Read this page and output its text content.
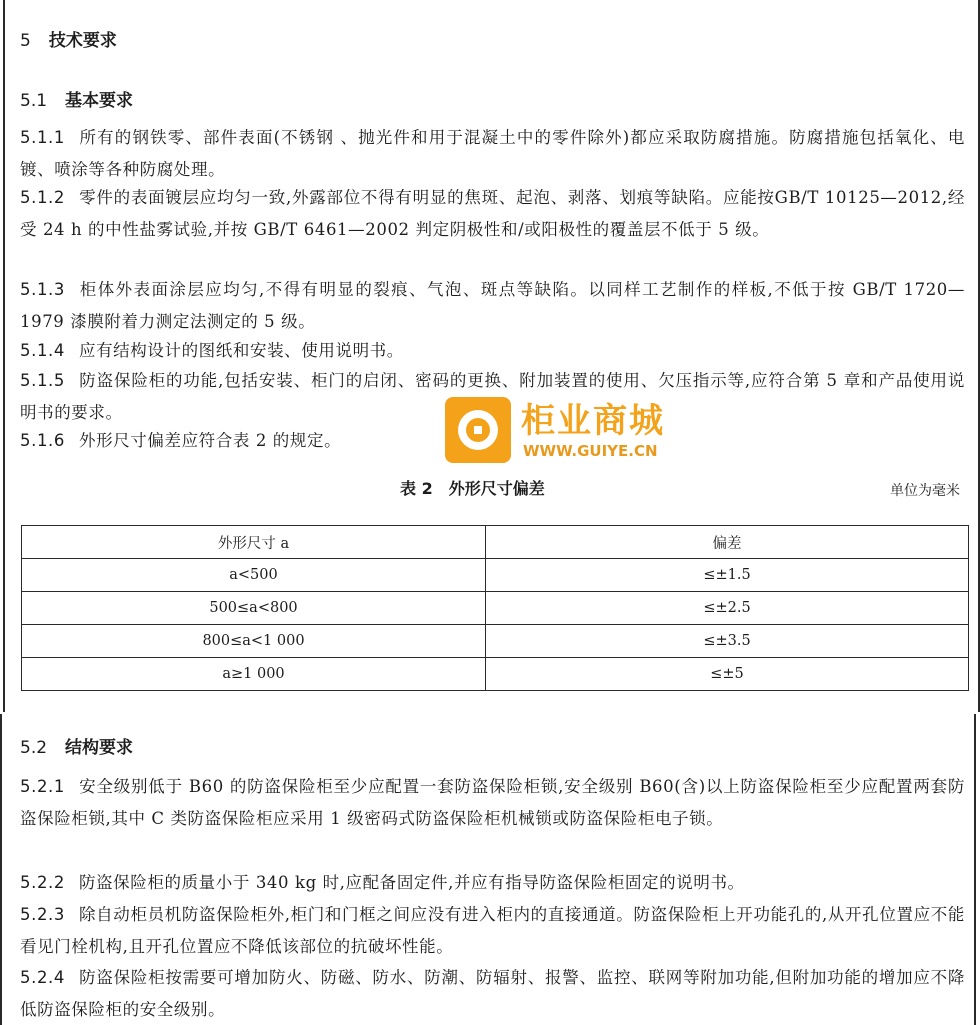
5 技术要求
5.1 基本要求
5.1.1 所有的钢铁零、部件表面(不锈钢 、抛光件和用于混凝土中的零件除外)都应采取防腐措施。防腐措施包括氧化、电镀、喷涂等各种防腐处理。
5.1.2 零件的表面镀层应均匀一致,外露部位不得有明显的焦斑、起泡、剥落、划痕等缺陷。应能按GB/T 10125—2012,经受 24 h 的中性盐雾试验,并按 GB/T 6461—2002 判定阴极性和/或阳极性的覆盖层不低于 5 级。
5.1.3 柜体外表面涂层应均匀,不得有明显的裂痕、气泡、斑点等缺陷。以同样工艺制作的样板,不低于按 GB/T 1720—1979 漆膜附着力测定法测定的 5 级。
5.1.4 应有结构设计的图纸和安装、使用说明书。
5.1.5 防盗保险柜的功能,包括安装、柜门的启闭、密码的更换、附加装置的使用、欠压指示等,应符合第 5 章和产品使用说明书的要求。
5.1.6 外形尺寸偏差应符合表 2 的规定。	柜业商城
WWW.GUIYE.CN
表 2 外形尺寸偏差	单位为毫米
外形尺寸 a	偏差
a<500	≤±1.5
500≤a<800	≤±2.5
800≤a<1 000	≤±3.5
a≥1 000	≤±5
5.2 结构要求
5.2.1 安全级别低于 B60 的防盗保险柜至少应配置一套防盗保险柜锁,安全级别 B60(含)以上防盗保险柜至少应配置两套防盗保险柜锁,其中 C 类防盗保险柜应采用 1 级密码式防盗保险柜机械锁或防盗保险柜电子锁。
5.2.2 防盗保险柜的质量小于 340 kg 时,应配备固定件,并应有指导防盗保险柜固定的说明书。
5.2.3 除自动柜员机防盗保险柜外,柜门和门框之间应没有进入柜内的直接通道。防盗保险柜上开功能孔的,从开孔位置应不能看见门栓机构,且开孔位置应不降低该部位的抗破坏性能。
5.2.4 防盗保险柜按需要可增加防火、防磁、防水、防潮、防辐射、报警、监控、联网等附加功能,但附加功能的增加应不降低防盗保险柜的安全级别。
